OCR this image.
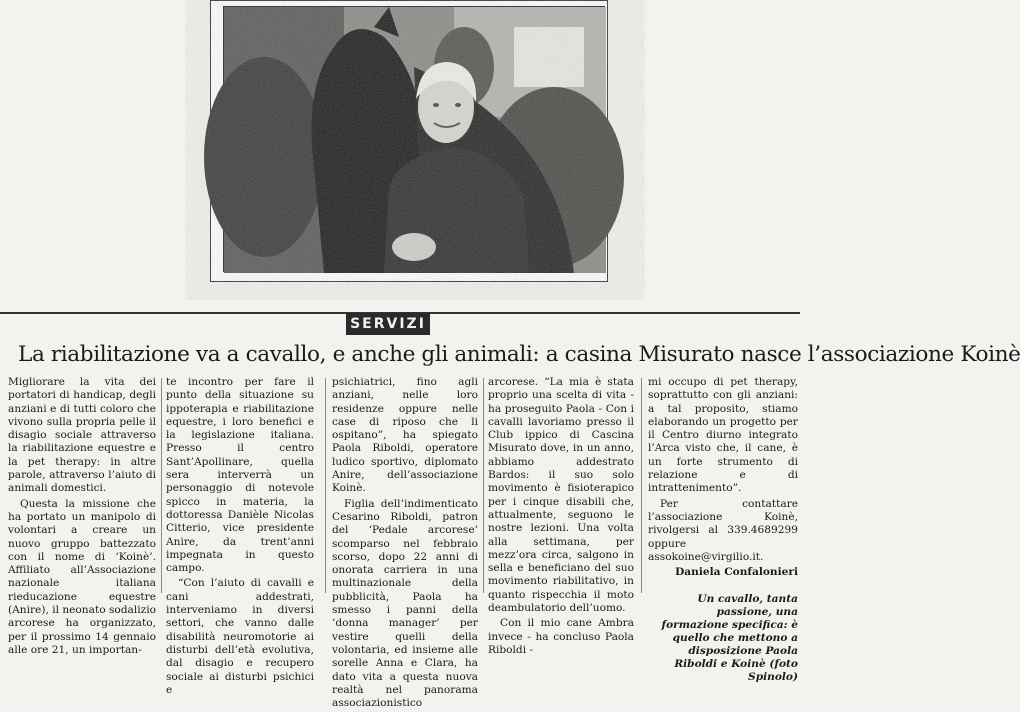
SERVIZI
La riabilitazione va a cavallo, e anche gli animali: a casina Misurato nasce l’associazione Koinè

Migliorare la vita dei portatori di handicap, degli anziani e di tutti coloro che vivono sulla propria pelle il disagio sociale attraverso la riabilitazione equestre e la pet therapy: in altre parole, attraverso l’aiuto di animali domestici.

Questa la missione che ha portato un manipolo di volontari a creare un nuovo gruppo battezzato con il nome di ‘Koinè’. Affiliato all’Associazione nazionale italiana rieducazione equestre (Anire), il neonato sodalizio arcorese ha organizzato, per il prossimo 14 gennaio alle ore 21, un importan-

te incontro per fare il punto della situazione su ippoterapia e riabilitazione equestre, i loro benefici e la legislazione italiana. Presso il centro Sant’Apollinare, quella sera interverrà un personaggio di notevole spicco in materia, la dottoressa Danièle Nicolas Citterio, vice presidente Anire, da trent’anni impegnata in questo campo.

“Con l’aiuto di cavalli e cani addestrati, interveniamo in diversi settori, che vanno dalle disabilità neuromotorie ai disturbi dell’età evolutiva, dal disagio e recupero sociale ai disturbi psichici e

psichiatrici, fino agli anziani, nelle loro residenze oppure nelle case di riposo che li ospitano”, ha spiegato Paola Riboldi, operatore ludico sportivo, diplomato Anire, dell’associazione Koinè.

Figlia dell’indimenticato Cesarino Riboldi, patron del ‘Pedale arcorese’ scomparso nel febbraio scorso, dopo 22 anni di onorata carriera in una multinazionale della pubblicità, Paola ha smesso i panni della ‘donna manager’ per vestire quelli della volontaria, ed insieme alle sorelle Anna e Clara, ha dato vita a questa nuova realtà nel panorama associazionistico

arcorese. “La mia è stata proprio una scelta di vita - ha proseguito Paola - Con i cavalli lavoriamo presso il Club ippico di Cascina Misurato dove, in un anno, abbiamo addestrato Bardos: il suo solo movimento è fisioterapico per i cinque disabili che, attualmente, seguono le nostre lezioni. Una volta alla settimana, per mezz’ora circa, salgono in sella e beneficiano del suo movimento riabilitativo, in quanto rispecchia il moto deambulatorio dell’uomo.

Con il mio cane Ambra invece - ha concluso Paola Riboldi -

mi occupo di pet therapy, soprattutto con gli anziani: a tal proposito, stiamo elaborando un progetto per il Centro diurno integrato l’Arca visto che, il cane, è un forte strumento di relazione e di intrattenimento”.

Per contattare l’associazione Koinè, rivolgersi al 339.4689299 oppure assokoine@virgilio.it.

Daniela Confalonieri
Un cavallo, tanta passione, una formazione specifica: è quello che mettono a disposizione Paola Riboldi e Koinè (foto Spinolo)
